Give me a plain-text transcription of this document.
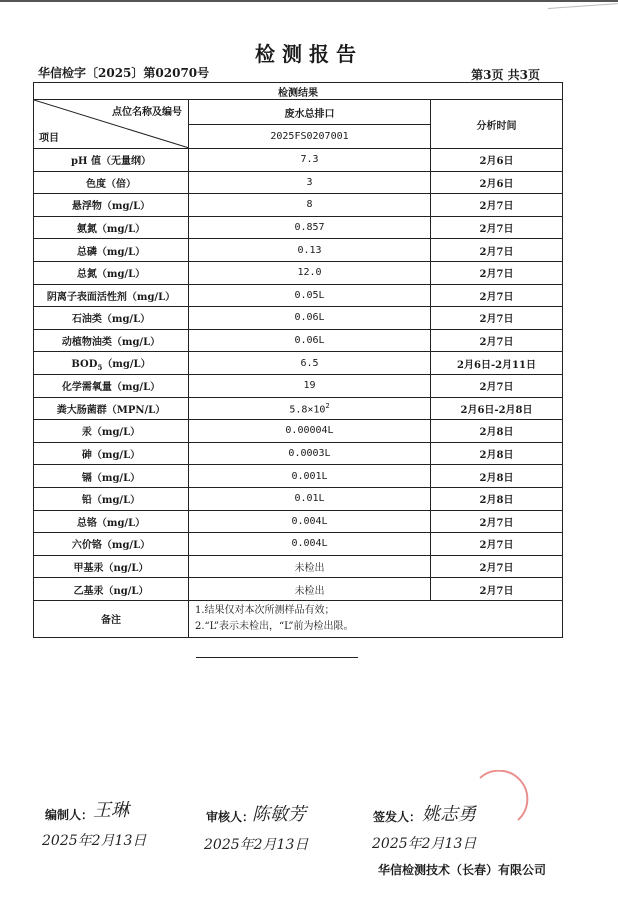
检测报告
华信检字〔2025〕第02070号	第3页 共3页
检测结果		

点位名称及编号
项目	废水总排口	分析时间
	2025FS0207001	
pH 值（无量纲）	7.3	2月6日
色度（倍）	3	2月6日
悬浮物（mg/L）	8	2月7日
氨氮（mg/L）	0.857	2月7日
总磷（mg/L）	0.13	2月7日
总氮（mg/L）	12.0	2月7日
阴离子表面活性剂（mg/L）	0.05L	2月7日
石油类（mg/L）	0.06L	2月7日
动植物油类（mg/L）	0.06L	2月7日
$BOD_5(mg/L)$	6.5	2月6日-2月11日
化学需氧量（mg/L）	19	2月7日
粪大肠菌群（MPN/L）	$5.8\times 10^2$	2月6日-2月8日
汞（mg/L）	0.00004L	2月8日
砷（mg/L）	0.0003L	2月8日
镉（mg/L）	0.001L	2月8日
铅（mg/L）	0.01L	2月8日
总铬（mg/L）	0.004L	2月7日
六价铬（mg/L）	0.004L	2月7日
甲基汞（ng/L）	未检出	2月7日
乙基汞（ng/L）	未检出	2月7日
备注	1.结果仅对本次所测样品有效；
2.“L”表示未检出，“L”前为检出限。	
编制人： 王琳
2025年2月13日
审核人：
陈敏芳
2025年2月13日
签发人： 姚志勇
2025年2月13日
华信检测技术（长春）有限公司
